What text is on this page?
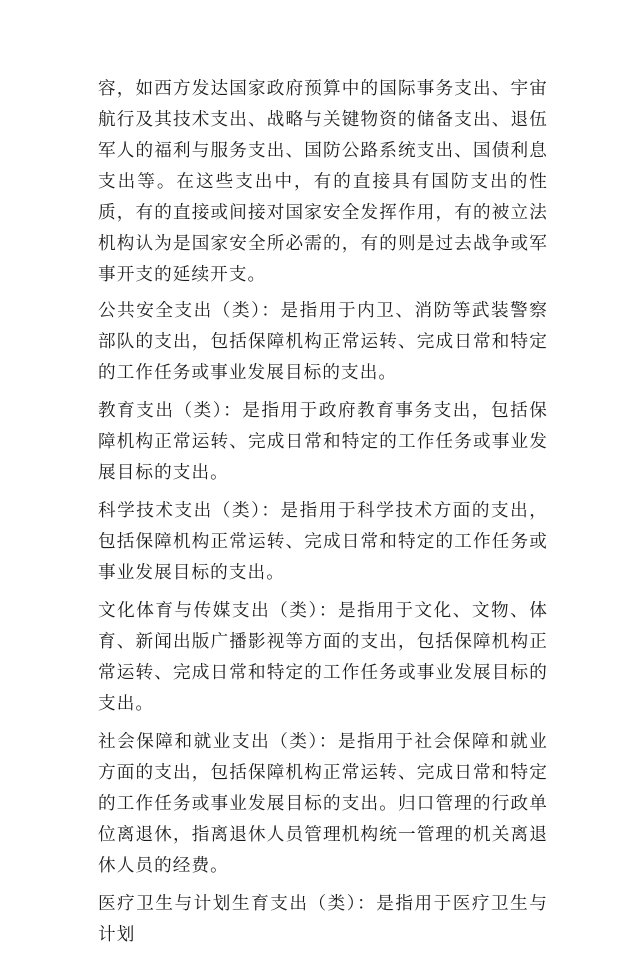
容，如西方发达国家政府预算中的国际事务支出、宇宙航行及其技术支出、战略与关键物资的储备支出、退伍军人的福利与服务支出、国防公路系统支出、国债利息支出等。在这些支出中，有的直接具有国防支出的性质，有的直接或间接对国家安全发挥作用，有的被立法机构认为是国家安全所必需的，有的则是过去战争或军事开支的延续开支。

公共安全支出（类）：是指用于内卫、消防等武装警察部队的支出，包括保障机构正常运转、完成日常和特定的工作任务或事业发展目标的支出。

教育支出（类）：是指用于政府教育事务支出，包括保障机构正常运转、完成日常和特定的工作任务或事业发展目标的支出。

科学技术支出（类）：是指用于科学技术方面的支出，包括保障机构正常运转、完成日常和特定的工作任务或事业发展目标的支出。

文化体育与传媒支出（类）：是指用于文化、文物、体育、新闻出版广播影视等方面的支出，包括保障机构正常运转、完成日常和特定的工作任务或事业发展目标的支出。

社会保障和就业支出（类）：是指用于社会保障和就业方面的支出，包括保障机构正常运转、完成日常和特定的工作任务或事业发展目标的支出。归口管理的行政单位离退休，指离退休人员管理机构统一管理的机关离退休人员的经费。

医疗卫生与计划生育支出（类）：是指用于医疗卫生与计划
